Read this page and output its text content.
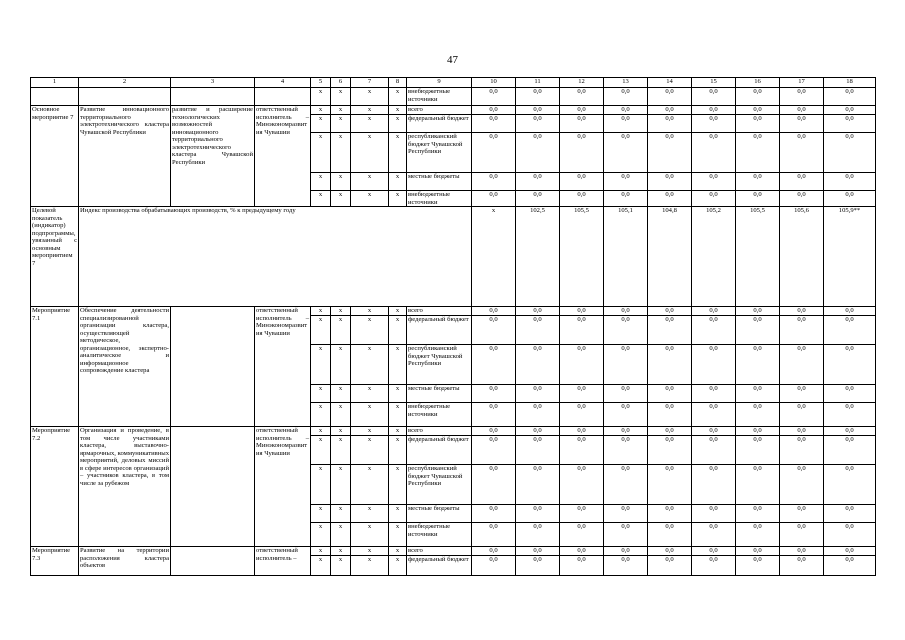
47
1	2	3	4	5	6	7	8	9	10	11	12	13	14	15	16	17	18	
				x	x	x	x	внебюджетные источники	0,0	0,0	0,0	0,0	0,0	0,0	0,0	0,0	0,0	
Основное мероприятие 7	Развитие инновационного территориального электротехнического кластера Чувашской Республики	развитие и расширение технологических возможностей инновационного территориального электротехнического кластера Чувашской Республики	ответственный исполнитель – Минэкономразвития Чувашии	x	x	x	x	всего	0,0	0,0	0,0	0,0	0,0	0,0	0,0	0,0	0,0	
				x	x	x	x	федеральный бюджет	0,0	0,0	0,0	0,0	0,0	0,0	0,0	0,0	0,0	
				x	x	x	x	республиканский бюджет Чувашской Республики	0,0	0,0	0,0	0,0	0,0	0,0	0,0	0,0	0,0	
				x	x	x	x	местные бюджеты	0,0	0,0	0,0	0,0	0,0	0,0	0,0	0,0	0,0	
				x	x	x	x	внебюджетные источники	0,0	0,0	0,0	0,0	0,0	0,0	0,0	0,0	0,0	
Целевой показатель (индикатор) подпрограммы, увязанный с основным мероприятием 7	Индекс производства обрабатывающих производств, % к предыдущему году								x	102,5	105,5	105,1	104,8	105,2	105,5	105,6	105,9**	
Мероприятие 7.1	Обеспечение деятельности специализированной организации кластера, осуществляющей методическое, организационное, экспертно-аналитическое и информационное сопровождение кластера		ответственный исполнитель – Минэкономразвития Чувашии	x	x	x	x	всего	0,0	0,0	0,0	0,0	0,0	0,0	0,0	0,0	0,0	
				x	x	x	x	федеральный бюджет	0,0	0,0	0,0	0,0	0,0	0,0	0,0	0,0	0,0	
				x	x	x	x	республиканский бюджет Чувашской Республики	0,0	0,0	0,0	0,0	0,0	0,0	0,0	0,0	0,0	
				x	x	x	x	местные бюджеты	0,0	0,0	0,0	0,0	0,0	0,0	0,0	0,0	0,0	
				x	x	x	x	внебюджетные источники	0,0	0,0	0,0	0,0	0,0	0,0	0,0	0,0	0,0	
Мероприятие 7.2	Организация и проведение, в том числе участниками кластера, выставочно-ярмарочных, коммуникативных мероприятий, деловых миссий в сфере интересов организаций – участников кластера, в том числе за рубежом		ответственный исполнитель – Минэкономразвития Чувашии	x	x	x	x	всего	0,0	0,0	0,0	0,0	0,0	0,0	0,0	0,0	0,0	
				x	x	x	x	федеральный бюджет	0,0	0,0	0,0	0,0	0,0	0,0	0,0	0,0	0,0	
				x	x	x	x	республиканский бюджет Чувашской Республики	0,0	0,0	0,0	0,0	0,0	0,0	0,0	0,0	0,0	
				x	x	x	x	местные бюджеты	0,0	0,0	0,0	0,0	0,0	0,0	0,0	0,0	0,0	
				x	x	x	x	внебюджетные источники	0,0	0,0	0,0	0,0	0,0	0,0	0,0	0,0	0,0	
Мероприятие 7.3	Развитие на территории расположения кластера объектов		ответственный исполнитель –	x	x	x	x	всего	0,0	0,0	0,0	0,0	0,0	0,0	0,0	0,0	0,0	
				x	x	x	x	федеральный бюджет	0,0	0,0	0,0	0,0	0,0	0,0	0,0	0,0	0,0	
